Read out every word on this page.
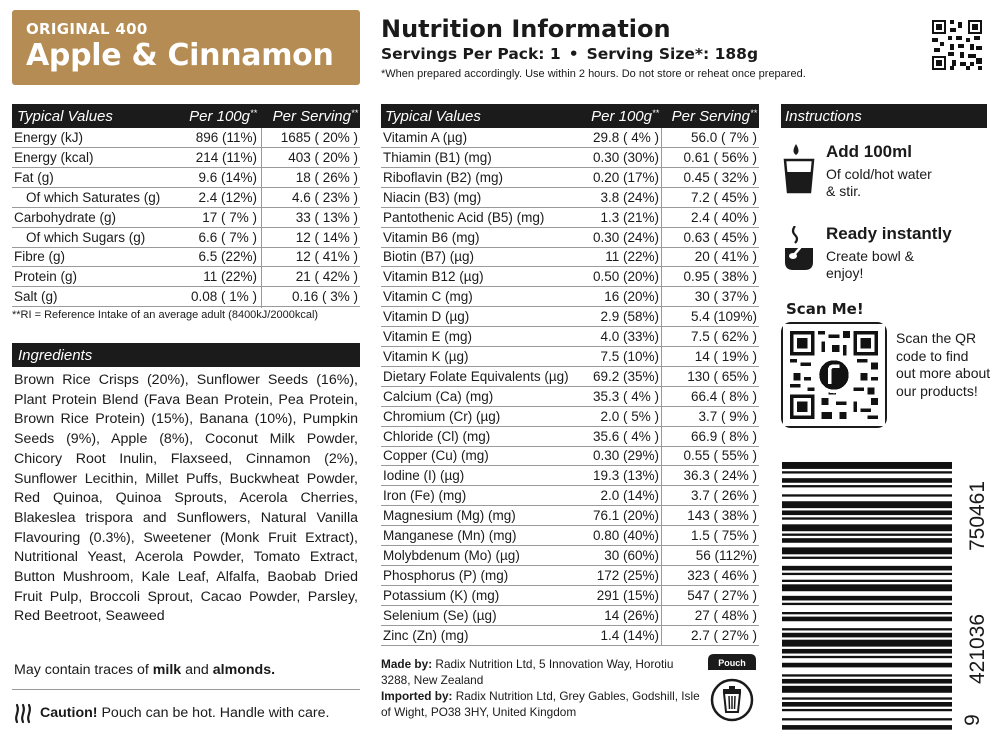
ORIGINAL 400
Apple & Cinnamon
Nutrition Information
Servings Per Pack: 1 • Serving Size*: 188g
*When prepared accordingly. Use within 2 hours. Do not store or reheat once prepared.
Typical Values	Per 100g** Per Serving**
Energy (kJ)	896 (11%) 1685 ( 20% )
Energy (kcal)	214 (11%) 403 ( 20% )
Fat (g)	9.6 (14%)	18 ( 26% )
Of which Saturates (g)	2.4 (12%)	4.6 ( 23% )
Carbohydrate (g)	17 ( 7% )	33 ( 13% )
Of which Sugars (g)	6.6 ( 7% )	12 ( 14% )
Fibre (g)	6.5 (22%)	12 ( 41% )
Protein (g)	11 (22%)	21 ( 42% )
Salt (g)	0.08 ( 1% )	0.16 ( 3% )
**RI = Reference Intake of an average adult (8400kJ/2000kcal)
Ingredients
Brown Rice Crisps (20%), Sunflower Seeds (16%), Plant Protein Blend (Fava Bean Protein, Pea Protein, Brown Rice Protein) (15%), Banana (10%), Pumpkin Seeds (9%), Apple (8%), Coconut Milk Powder, Chicory Root Inulin, Flaxseed, Cinnamon (2%), Sunflower Lecithin, Millet Puffs, Buckwheat Powder, Red Quinoa, Quinoa Sprouts, Acerola Cherries, Blakeslea trispora and Sunflowers, Natural Vanilla Flavouring (0.3%), Sweetener (Monk Fruit Extract), Nutritional Yeast, Acerola Powder, Tomato Extract, Button Mushroom, Kale Leaf, Alfalfa, Baobab Dried Fruit Pulp, Broccoli Sprout, Cacao Powder, Parsley, Red Beetroot, Seaweed
May contain traces of milk and almonds.
Caution! Pouch can be hot. Handle with care.
Typical Values	Per 100g** Per Serving**
Vitamin A (µg)	29.8 ( 4% ) 56.0 ( 7% )
Thiamin (B1) (mg)	0.30 (30%) 0.61 ( 56% )
Riboflavin (B2) (mg)	0.20 (17%) 0.45 ( 32% )
Niacin (B3) (mg)	3.8 (24%) 7.2 ( 45% )
Pantothenic Acid (B5) (mg)	1.3 (21%) 2.4 ( 40% )
Vitamin B6 (mg)	0.30 (24%) 0.63 ( 45% )
Biotin (B7) (µg)	11 (22%)	20 ( 41% )
Vitamin B12 (µg)	0.50 (20%) 0.95 ( 38% )
Vitamin C (mg)	16 (20%)	30 ( 37% )
Vitamin D (µg)	2.9 (58%) 5.4 (109%)
Vitamin E (mg)	4.0 (33%) 7.5 ( 62% )
Vitamin K (µg)	7.5 (10%)	14 ( 19% )
Dietary Folate Equivalents (µg) 69.2 (35%) 130 ( 65% )
Calcium (Ca) (mg)	35.3 ( 4% ) 66.4 ( 8% )
Chromium (Cr) (µg)	2.0 ( 5% )	3.7 ( 9% )
Chloride (Cl) (mg)	35.6 ( 4% ) 66.9 ( 8% )
Copper (Cu) (mg)	0.30 (29%) 0.55 ( 55% )
Iodine (I) (µg)	19.3 (13%) 36.3 ( 24% )
Iron (Fe) (mg)	2.0 (14%) 3.7 ( 26% )
Magnesium (Mg) (mg)	76.1 (20%) 143 ( 38% )
Manganese (Mn) (mg)	0.80 (40%) 1.5 ( 75% )
Molybdenum (Mo) (µg)	30 (60%)	56 (112%)
Phosphorus (P) (mg)	172 (25%) 323 ( 46% )
Potassium (K) (mg)	291 (15%) 547 ( 27% )
Selenium (Se) (µg)	14 (26%)	27 ( 48% )
Zinc (Zn) (mg)	1.4 (14%) 2.7 ( 27% )
Made by: Radix Nutrition Ltd, 5 Innovation Way, Horotiu 3288, New Zealand
Imported by: Radix Nutrition Ltd, Grey Gables, Godshill, Isle of Wight, PO38 3HY, United Kingdom
Pouch
Instructions
Add 100ml
Of cold/hot water & stir.
Ready instantly
Create bowl & enjoy!
Scan Me!
Scan the QR code to find out more about our products!
9
421036
750461
